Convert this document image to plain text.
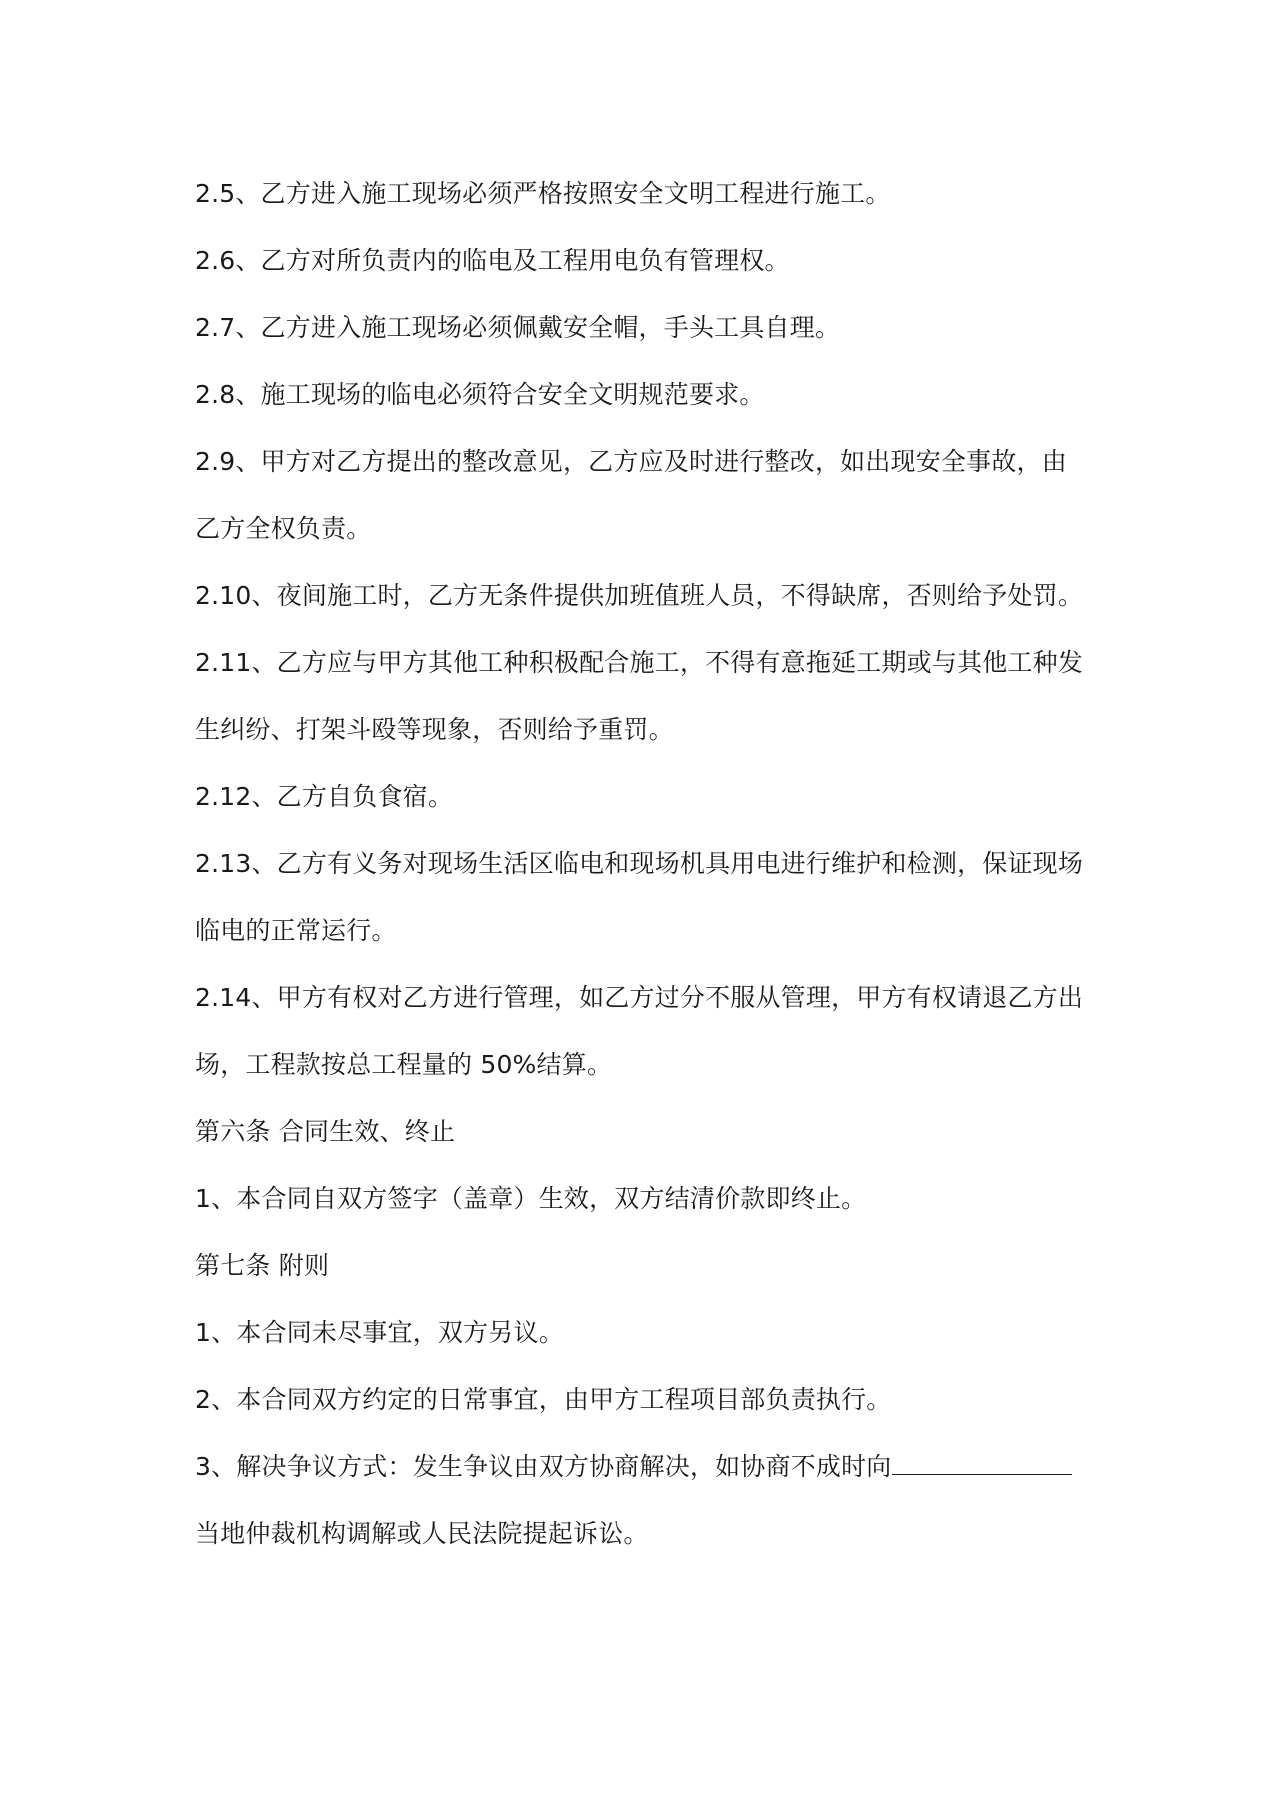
2.5、乙方进入施工现场必须严格按照安全文明工程进行施工。
2.6、乙方对所负责内的临电及工程用电负有管理权。
2.7、乙方进入施工现场必须佩戴安全帽，手头工具自理。
2.8、施工现场的临电必须符合安全文明规范要求。
2.9、甲方对乙方提出的整改意见，乙方应及时进行整改，如出现安全事故，由
乙方全权负责。
2.10、夜间施工时，乙方无条件提供加班值班人员，不得缺席，否则给予处罚。
2.11、乙方应与甲方其他工种积极配合施工，不得有意拖延工期或与其他工种发
生纠纷、打架斗殴等现象，否则给予重罚。
2.12、乙方自负食宿。
2.13、乙方有义务对现场生活区临电和现场机具用电进行维护和检测，保证现场
临电的正常运行。
2.14、甲方有权对乙方进行管理，如乙方过分不服从管理，甲方有权请退乙方出
场，工程款按总工程量的 50%结算。
第六条 合同生效、终止
1、本合同自双方签字（盖章）生效，双方结清价款即终止。
第七条 附则
1、本合同未尽事宜，双方另议。
2、本合同双方约定的日常事宜，由甲方工程项目部负责执行。
3、解决争议方式：发生争议由双方协商解决，如协商不成时向
当地仲裁机构调解或人民法院提起诉讼。
